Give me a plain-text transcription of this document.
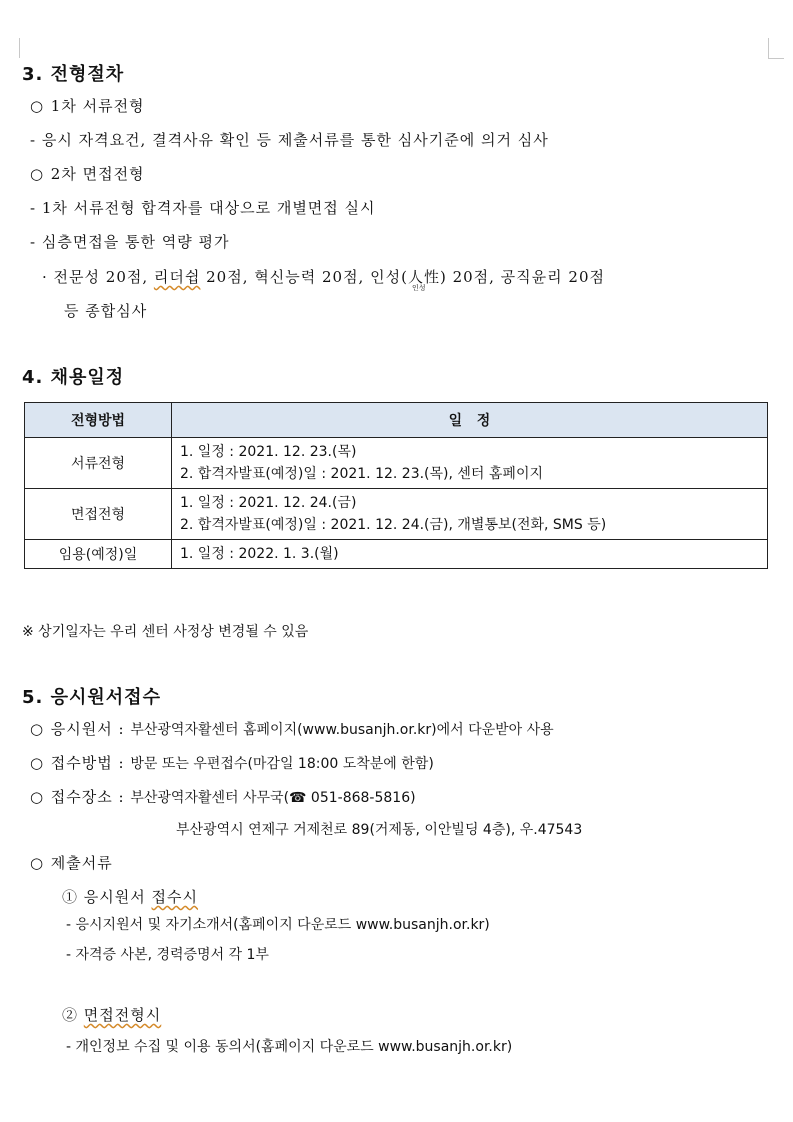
3. 전형절차
○ 1차 서류전형
- 응시 자격요건, 결격사유 확인 등 제출서류를 통한 심사기준에 의거 심사
○ 2차 면접전형
- 1차 서류전형 합격자를 대상으로 개별면접 실시
- 심층면접을 통한 역량 평가
· 전문성 20점, 리더쉽 20점, 혁신능력 20점, 인성(人性
인성
) 20점, 공직윤리 20점
등 종합심사
4. 채용일정
전형방법	일   정
서류전형	1. 일정 : 2021. 12. 23.(목)
2. 합격자발표(예정)일 : 2021. 12. 23.(목), 센터 홈페이지

면접전형	1. 일정 : 2021. 12. 24.(금)
2. 합격자발표(예정)일 : 2021. 12. 24.(금), 개별통보(전화, SMS 등)

임용(예정)일	1. 일정 : 2022. 1. 3.(월)
※ 상기일자는 우리 센터 사정상 변경될 수 있음
5. 응시원서접수
○ 응시원서 : 부산광역자활센터 홈페이지(www.busanjh.or.kr)에서 다운받아 사용
○ 접수방법 : 방문 또는 우편접수(마감일 18:00 도착분에 한함)
○ 접수장소 : 부산광역자활센터 사무국(☎ 051-868-5816)
부산광역시 연제구 거제천로 89(거제동, 이안빌딩 4층), 우.47543
○ 제출서류
① 응시원서 접수시
- 응시지원서 및 자기소개서(홈페이지 다운로드 www.busanjh.or.kr)
- 자격증 사본, 경력증명서 각 1부
② 면접전형시
- 개인정보 수집 및 이용 동의서(홈페이지 다운로드 www.busanjh.or.kr)
